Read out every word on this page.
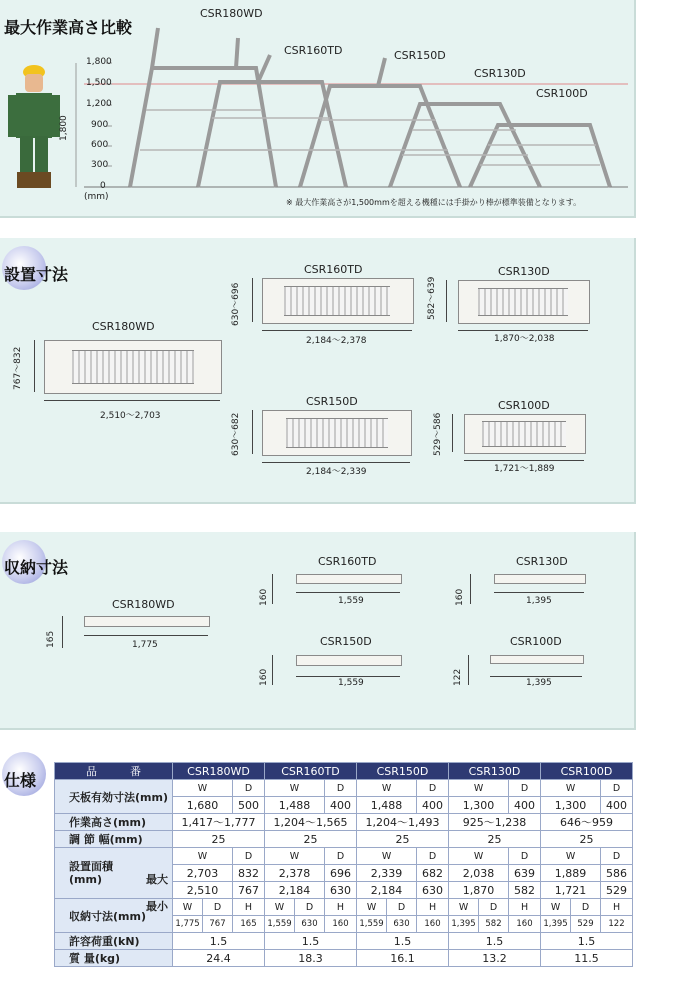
最大作業高さ比較
1,800
1,500
1,200
900
600
300
0
(mm)
1,800
CSR180WD
CSR160TD	CSR150D
CSR130D
CSR100D
※ 最大作業高さが1,500mmを超える機種には手掛かり棒が標準装備となります。
設置寸法
CSR180WD
767〜832
2,510〜2,703
CSR160TD
630〜696
2,184〜2,378
CSR130D
582〜639
1,870〜2,038
CSR150D
630〜682
2,184〜2,339
CSR100D
529〜586
1,721〜1,889
収納寸法
CSR180WD
165	1,775
CSR160TD
160	1,559
CSR130D
160	1,395
CSR150D
160	1,559
CSR100D
122	1,395
仕様	品　　　 番	CSR180WD			CSR160TD			CSR150D			CSR130D			CSR100D		
天板有効寸法(mm)	W		D	W		D	W		D	W		D	W		D
	1,680		500	1,488		400	1,488		400	1,300		400	1,300		400
作業高さ(mm)	1,417〜1,777			1,204〜1,565			1,204〜1,493			925〜1,238			646〜959		
調 節 幅(mm)	25			25			25			25			25		
設置面積
(mm) 最大	W		D	W		D	W		D	W		D	W		D
	2,703		832	2,378		696	2,339		682	2,038		639	1,889		586
	2,510		767	2,184		630	2,184		630	1,870		582	1,721		529
収納寸法(mm)	W	D	H	W	D	H	W	D	H	W	D	H	W	D	H
	1,775	767	165	1,559	630	160	1,559	630	160	1,395	582	160	1,395	529	122
許容荷重(kN)	1.5			1.5			1.5			1.5			1.5		
質 量(kg)	24.4			18.3			16.1			13.2			11.5		
最小
